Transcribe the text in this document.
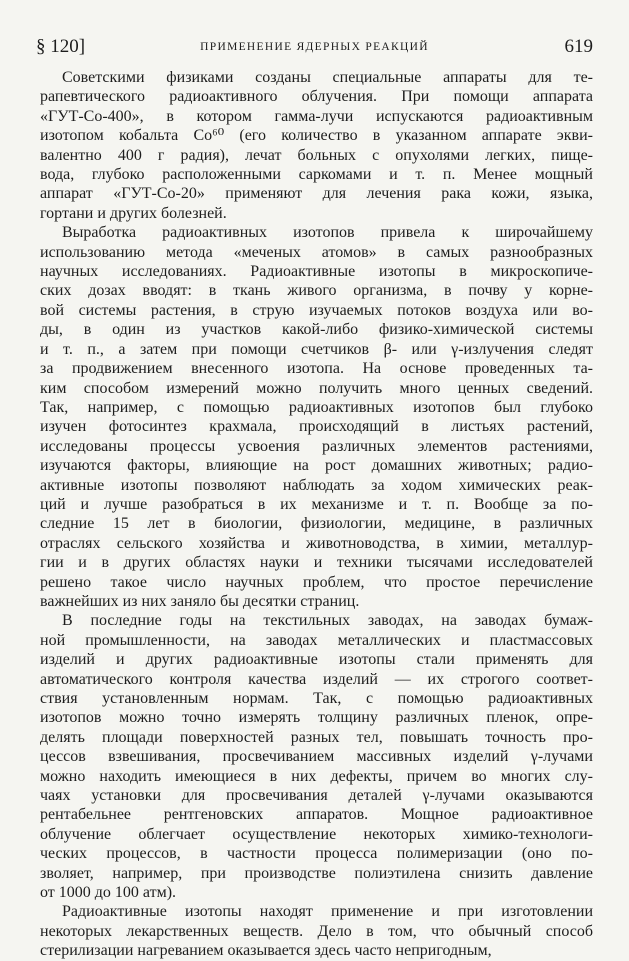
§ 120]	ПРИМЕНЕНИЕ ЯДЕРНЫХ РЕАКЦИЙ	619
Советскими физиками созданы специальные аппараты для те-
рапевтического радиоактивного облучения. При помощи аппарата
«ГУТ-Со-400», в котором гамма-лучи испускаются радиоактивным
изотопом кобальта Co⁶⁰ (его количество в указанном аппарате экви-
валентно 400 г радия), лечат больных с опухолями легких, пище-
вода, глубоко расположенными саркомами и т. п. Менее мощный
аппарат «ГУТ-Со-20» применяют для лечения рака кожи, языка,
гортани и других болезней.
Выработка радиоактивных изотопов привела к широчайшему
использованию метода «меченых атомов» в самых разнообразных
научных исследованиях. Радиоактивные изотопы в микроскопиче-
ских дозах вводят: в ткань живого организма, в почву у корне-
вой системы растения, в струю изучаемых потоков воздуха или во-
ды, в один из участков какой-либо физико-химической системы
и т. п., а затем при помощи счетчиков β- или γ-излучения следят
за продвижением внесенного изотопа. На основе проведенных та-
ким способом измерений можно получить много ценных сведений.
Так, например, с помощью радиоактивных изотопов был глубоко
изучен фотосинтез крахмала, происходящий в листьях растений,
исследованы процессы усвоения различных элементов растениями,
изучаются факторы, влияющие на рост домашних животных; радио-
активные изотопы позволяют наблюдать за ходом химических реак-
ций и лучше разобраться в их механизме и т. п. Вообще за по-
следние 15 лет в биологии, физиологии, медицине, в различных
отраслях сельского хозяйства и животноводства, в химии, металлур-
гии и в других областях науки и техники тысячами исследователей
решено такое число научных проблем, что простое перечисление
важнейших из них заняло бы десятки страниц.
В последние годы на текстильных заводах, на заводах бумаж-
ной промышленности, на заводах металлических и пластмассовых
изделий и других радиоактивные изотопы стали применять для
автоматического контроля качества изделий — их строгого соответ-
ствия установленным нормам. Так, с помощью радиоактивных
изотопов можно точно измерять толщину различных пленок, опре-
делять площади поверхностей разных тел, повышать точность про-
цессов взвешивания, просвечиванием массивных изделий γ-лучами
можно находить имеющиеся в них дефекты, причем во многих слу-
чаях установки для просвечивания деталей γ-лучами оказываются
рентабельнее рентгеновских аппаратов. Мощное радиоактивное
облучение облегчает осуществление некоторых химико-технологи-
ческих процессов, в частности процесса полимеризации (оно по-
зволяет, например, при производстве полиэтилена снизить давление
от 1000 до 100 атм).
Радиоактивные изотопы находят применение и при изготовлении
некоторых лекарственных веществ. Дело в том, что обычный способ
стерилизации нагреванием оказывается здесь часто непригодным,
